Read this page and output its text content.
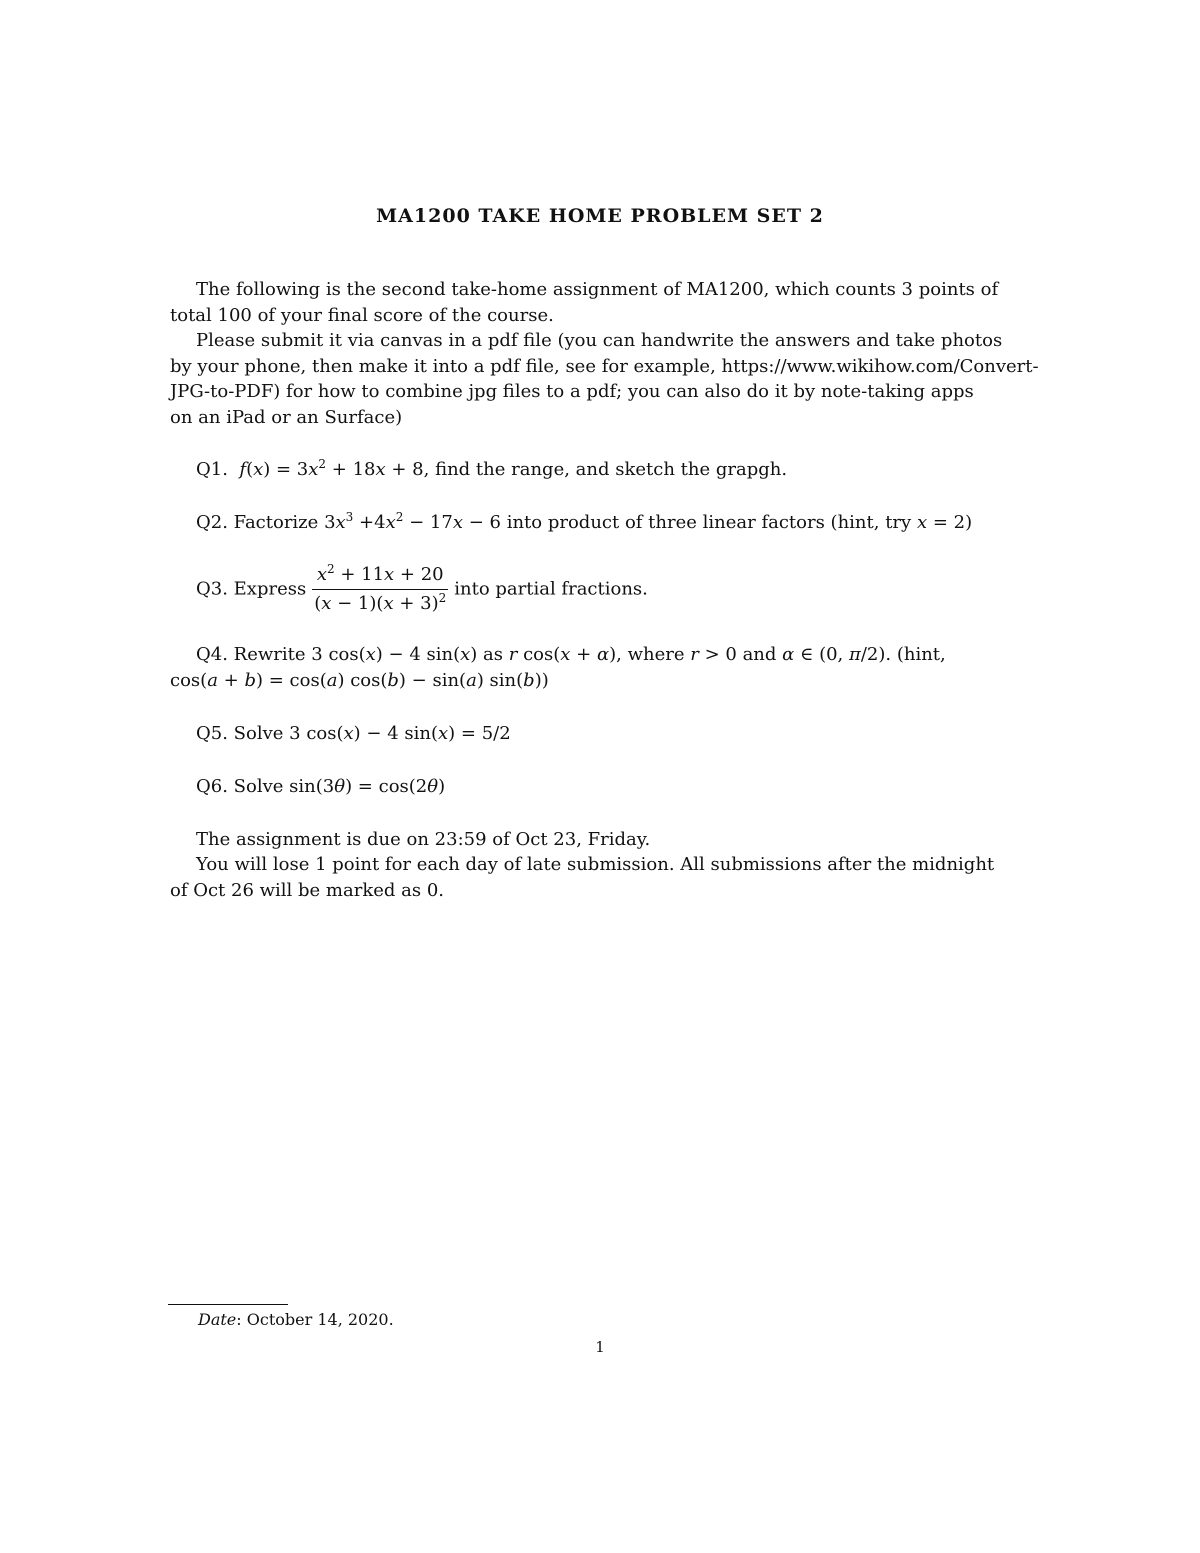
MA1200 TAKE HOME PROBLEM SET 2
The following is the second take-home assignment of MA1200, which counts 3 points of
total 100 of your final score of the course.
Please submit it via canvas in a pdf file (you can handwrite the answers and take photos
by your phone, then make it into a pdf file, see for example, https://www.wikihow.com/Convert-
JPG-to-PDF) for how to combine jpg files to a pdf; you can also do it by note-taking apps
on an iPad or an Surface)
Q1.  $f(x) = 3x^2 + 18x + 8$, find the range, and sketch the grapgh.
Q2. Factorize $3x^3 +4x^2 - 17x - 6$ into product of three linear factors (hint, try x = 2)
Q3. Express $\frac{x^2 + 11x + 20}{(x - 1)(x + 3)^2}$ into partial fractions.
Q4. Rewrite 3 cos(x) − 4 sin(x) as r cos(x + α), where r > 0 and α ∈ (0, π/2). (hint,
cos(a + b) = cos(a) cos(b) − sin(a) sin(b))
Q5. Solve 3 cos(x) − 4 sin(x) = 5/2
Q6. Solve sin(3θ) = cos(2θ)
The assignment is due on 23:59 of Oct 23, Friday.
You will lose 1 point for each day of late submission. All submissions after the midnight
of Oct 26 will be marked as 0.
Date: October 14, 2020.
1
